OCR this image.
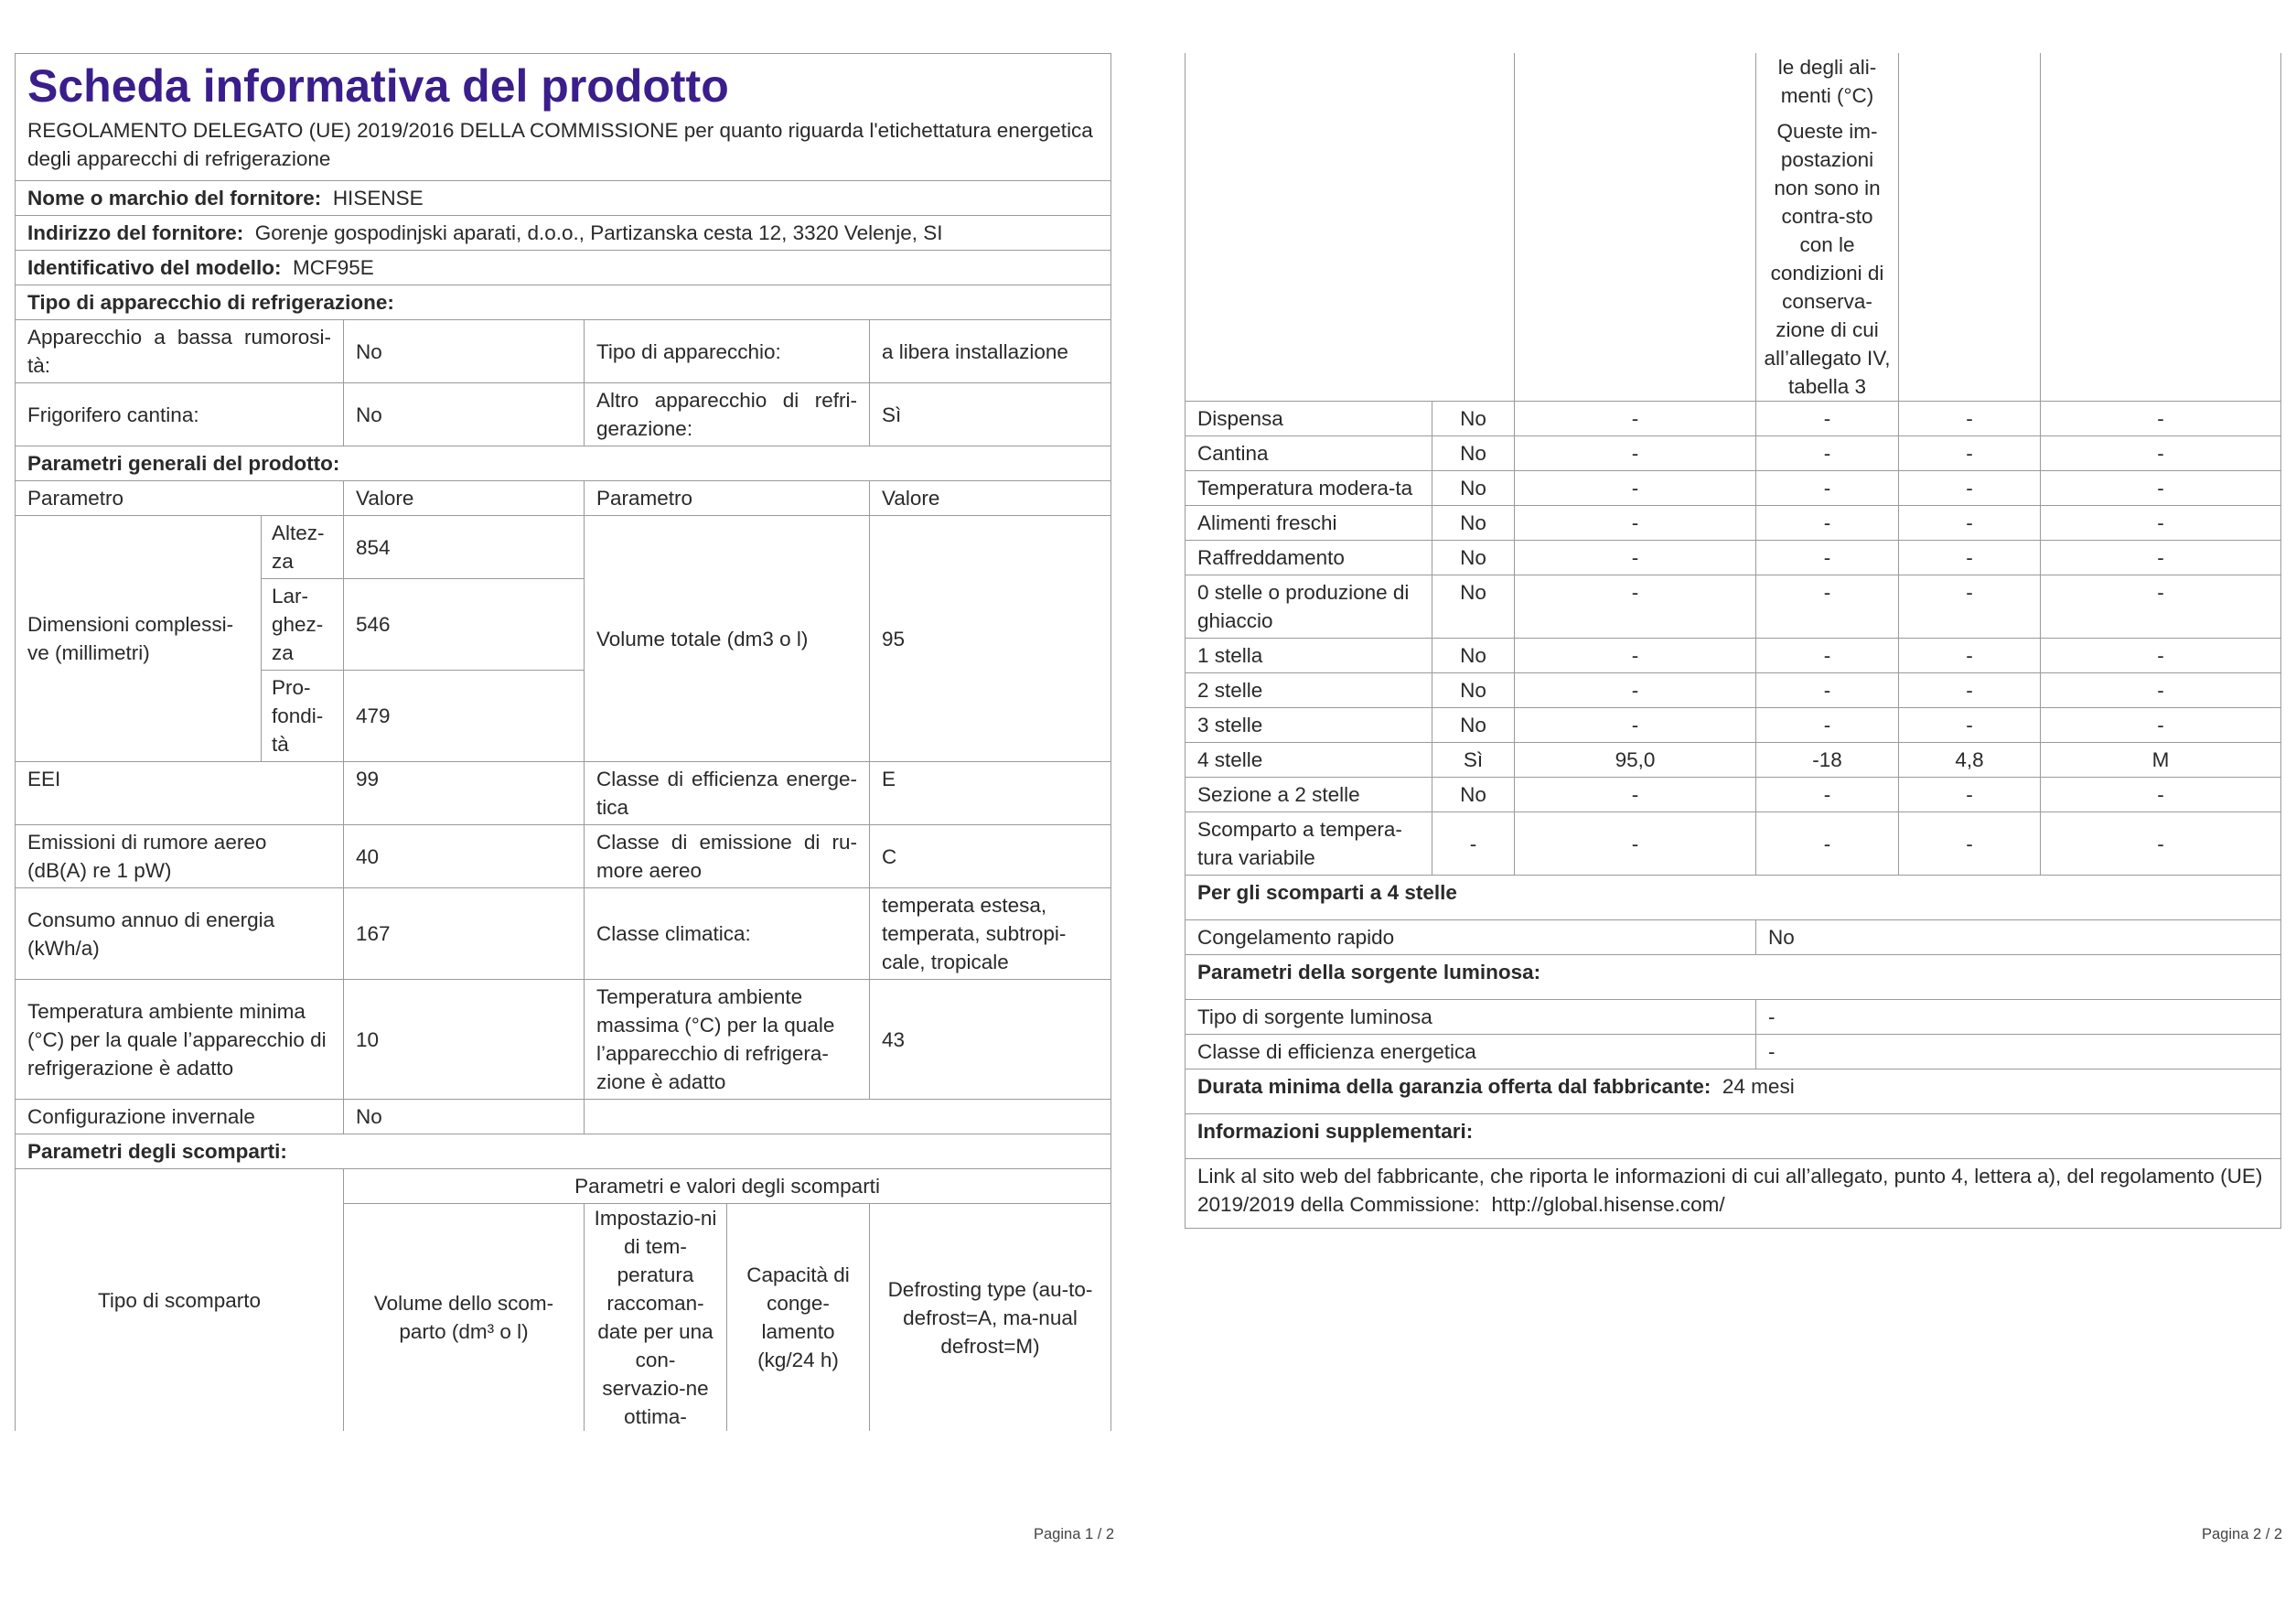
Scheda informativa del prodotto
REGOLAMENTO DELEGATO (UE) 2019/2016 DELLA COMMISSIONE per quanto riguarda l'etichettatura energetica degli apparecchi di refrigerazione					

Nome o marchio del fornitore: HISENSE					
Indirizzo del fornitore: Gorenje gospodinjski aparati, d.o.o., Partizanska cesta 12, 3320 Velenje, SI					
Identificativo del modello: MCF95E					
Tipo di apparecchio di refrigerazione:					
Apparecchio a bassa rumorosi-tà:		No	Tipo di apparecchio:		a libera installazione
Frigorifero cantina:		No	Altro apparecchio di refri-gerazione:		Sì
Parametri generali del prodotto:					
Parametro		Valore	Parametro		Valore
Dimensioni complessi-ve (millimetri)	Altez-za	854	Volume totale (dm3 o l)		95
	Lar-ghez-za	546			
	Pro-fondi-tà	479			
EEI		99	Classe di efficienza energe-tica		E
Emissioni di rumore aereo (dB(A) re 1 pW)		40	Classe di emissione di ru-more aereo		C
Consumo annuo di energia (kWh/a)		167	Classe climatica:		temperata estesa, temperata, subtropi-cale, tropicale
Temperatura ambiente minima (°C) per la quale l’apparecchio di refrigerazione è adatto		10	Temperatura ambiente massima (°C) per la quale l’apparecchio di refrigera-zione è adatto		43
Configurazione invernale		No			
Parametri degli scomparti:					
Tipo di scomparto		Parametri e valori degli scomparti			
		Volume dello scom-parto (dm³ o l)	Impostazio-ni di tem-peratura raccoman-date per una con-servazio-ne ottima-	Capacità di conge-lamento (kg/24 h)	Defrosting type (au-to-defrost=A, ma-nual defrost=M)
Pagina 1 / 2

			le degli ali-menti (°C)
Queste im-postazioni non sono in contra-sto con le condizioni di conserva-zione di cui all’allegato IV, tabella 3		

Dispensa	No	-	-	-	-
Cantina	No	-	-	-	-
Temperatura modera-ta	No	-	-	-	-
Alimenti freschi	No	-	-	-	-
Raffreddamento	No	-	-	-	-
0 stelle o produzione di ghiaccio	No	-	-	-	-
1 stella	No	-	-	-	-
2 stelle	No	-	-	-	-
3 stelle	No	-	-	-	-
4 stelle	Sì	95,0	-18	4,8	M
Sezione a 2 stelle	No	-	-	-	-
Scomparto a tempera-tura variabile	-	-	-	-	-
Per gli scomparti a 4 stelle					
Congelamento rapido			No		
Parametri della sorgente luminosa:					
Tipo di sorgente luminosa			-		
Classe di efficienza energetica			-		
Durata minima della garanzia offerta dal fabbricante: 24 mesi					
Informazioni supplementari:					
Link al sito web del fabbricante, che riporta le informazioni di cui all’allegato, punto 4, lettera a), del regolamento (UE) 2019/2019 della Commissione: http://global.hisense.com/					
Pagina 2 / 2
